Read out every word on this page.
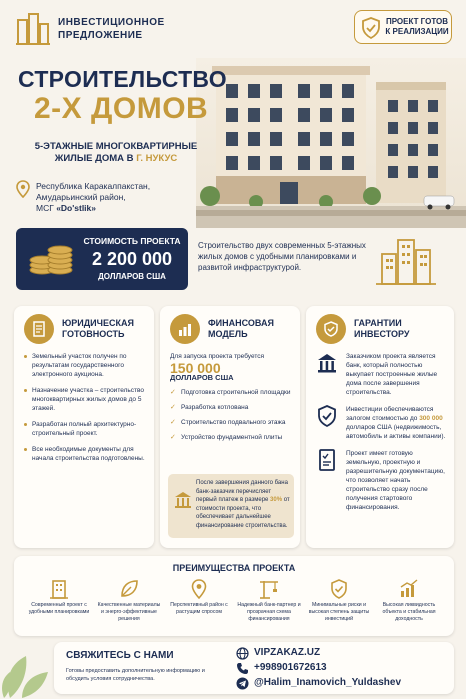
ИНВЕСТИЦИОННОЕ
ПРЕДЛОЖЕНИЕ
ПРОЕКТ ГОТОВ
К РЕАЛИЗАЦИИ
СТРОИТЕЛЬСТВО
2-Х ДОМОВ
5-ЭТАЖНЫЕ МНОГОКВАРТИРНЫЕ
ЖИЛЫЕ ДОМА В Г. НУКУС
Республика Каракалпакстан,
Амударьинский район,
МСГ «Do'stlik»
СТОИМОСТЬ ПРОЕКТА
2 200 000
ДОЛЛАРОВ США
Строительство двух современных 5-этажных жилых домов с удобными планировками и развитой инфраструктурой.
ЮРИДИЧЕСКАЯ
ГОТОВНОСТЬ
Земельный участок получен по результатам государственного электронного аукциона.
Назначение участка – строительство многоквартирных жилых домов до 5 этажей.
Разработан полный архитектурно-строительный проект.
Все необходимые документы для начала строительства подготовлены.
ФИНАНСОВАЯ
МОДЕЛЬ
Для запуска проекта требуется
150 000
ДОЛЛАРОВ США
✓ Подготовка строительной площадки
✓ Разработка котлована
✓ Строительство подвального этажа
✓ Устройство фундаментной плиты
После завершения данного бана банк-заказчик перечисляет первый платеж в размере 30% от стоимости проекта, что обеспечивает дальнейшее финансирование строительства.
ГАРАНТИИ
ИНВЕСТОРУ
Заказчиком проекта является банк, который полностью выкупает построенные жилые дома после завершения строительства.
Инвестиции обеспечиваются залогом стоимостью до 300 000 долларов США (недвижимость, автомобиль и активы компании).
Проект имеет готовую земельную, проектную и разрешительную документацию, что позволяет начать строительство сразу после получения стартового финансирования.
ПРЕИМУЩЕСТВА ПРОЕКТА
Современный проект с удобными планировками
Качественные материалы и энерго-эффективные решения
Перспективный район с растущим спросом
Надежный банк-партнер и прозрачная схема финансирования
Минимальные риски и высокая степень защиты инвестиций
Высокая ликвидность объекта и стабильная доходность
СВЯЖИТЕСЬ С НАМИ
Готовы предоставить дополнительную информацию и обсудить условия сотрудничества.
VIPZAKAZ.UZ
+998901672613
@Halim_Inamovich_Yuldashev
